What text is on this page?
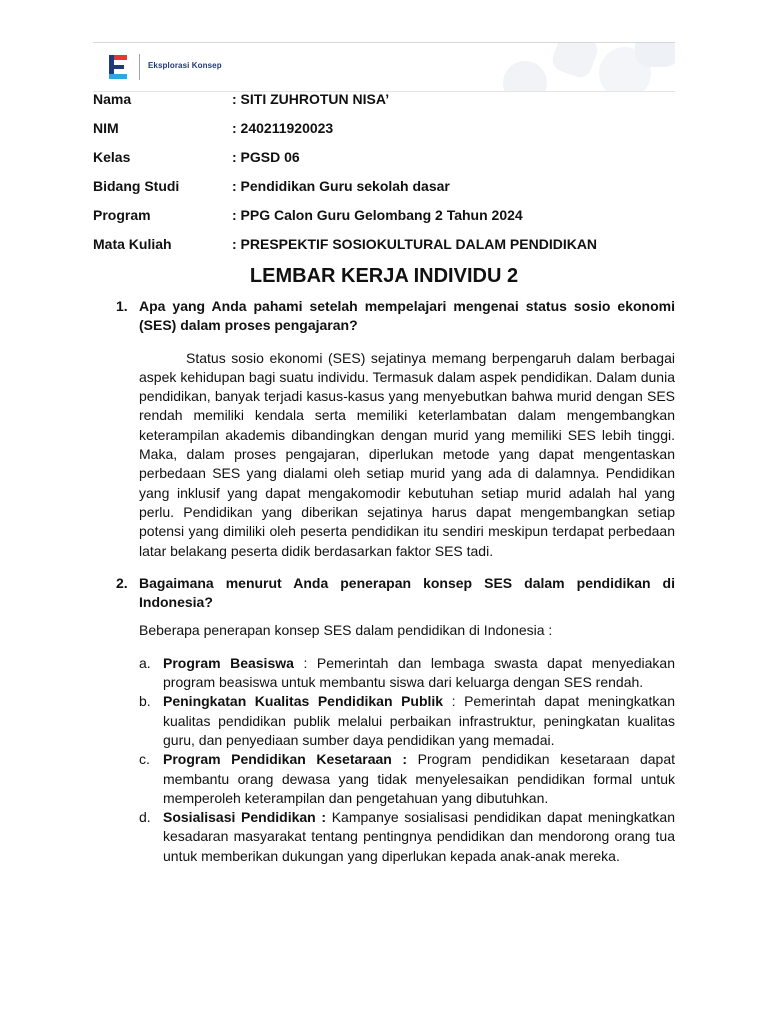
Eksplorasi Konsep
Nama	: SITI ZUHROTUN NISA’
NIM	: 240211920023
Kelas	: PGSD 06
Bidang Studi	: Pendidikan Guru sekolah dasar
Program	: PPG Calon Guru Gelombang 2 Tahun 2024
Mata Kuliah	: PRESPEKTIF SOSIOKULTURAL DALAM PENDIDIKAN
LEMBAR KERJA INDIVIDU 2
1. Apa yang Anda pahami setelah mempelajari mengenai status sosio ekonomi (SES) dalam proses pengajaran?
Status sosio ekonomi (SES) sejatinya memang berpengaruh dalam berbagai aspek kehidupan bagi suatu individu. Termasuk dalam aspek pendidikan. Dalam dunia pendidikan, banyak terjadi kasus-kasus yang menyebutkan bahwa murid dengan SES rendah memiliki kendala serta memiliki keterlambatan dalam mengembangkan keterampilan akademis dibandingkan dengan murid yang memiliki SES lebih tinggi. Maka, dalam proses pengajaran, diperlukan metode yang dapat mengentaskan perbedaan SES yang dialami oleh setiap murid yang ada di dalamnya. Pendidikan yang inklusif yang dapat mengakomodir kebutuhan setiap murid adalah hal yang perlu. Pendidikan yang diberikan sejatinya harus dapat mengembangkan setiap potensi yang dimiliki oleh peserta pendidikan itu sendiri meskipun terdapat perbedaan latar belakang peserta didik berdasarkan faktor SES tadi.
2. Bagaimana menurut Anda penerapan konsep SES dalam pendidikan di Indonesia?
Beberapa penerapan konsep SES dalam pendidikan di Indonesia :
a. Program Beasiswa : Pemerintah dan lembaga swasta dapat menyediakan program beasiswa untuk membantu siswa dari keluarga dengan SES rendah.
b. Peningkatan Kualitas Pendidikan Publik : Pemerintah dapat meningkatkan kualitas pendidikan publik melalui perbaikan infrastruktur, peningkatan kualitas guru, dan penyediaan sumber daya pendidikan yang memadai.
c. Program Pendidikan Kesetaraan : Program pendidikan kesetaraan dapat membantu orang dewasa yang tidak menyelesaikan pendidikan formal untuk memperoleh keterampilan dan pengetahuan yang dibutuhkan.
d. Sosialisasi Pendidikan : Kampanye sosialisasi pendidikan dapat meningkatkan kesadaran masyarakat tentang pentingnya pendidikan dan mendorong orang tua untuk memberikan dukungan yang diperlukan kepada anak-anak mereka.
